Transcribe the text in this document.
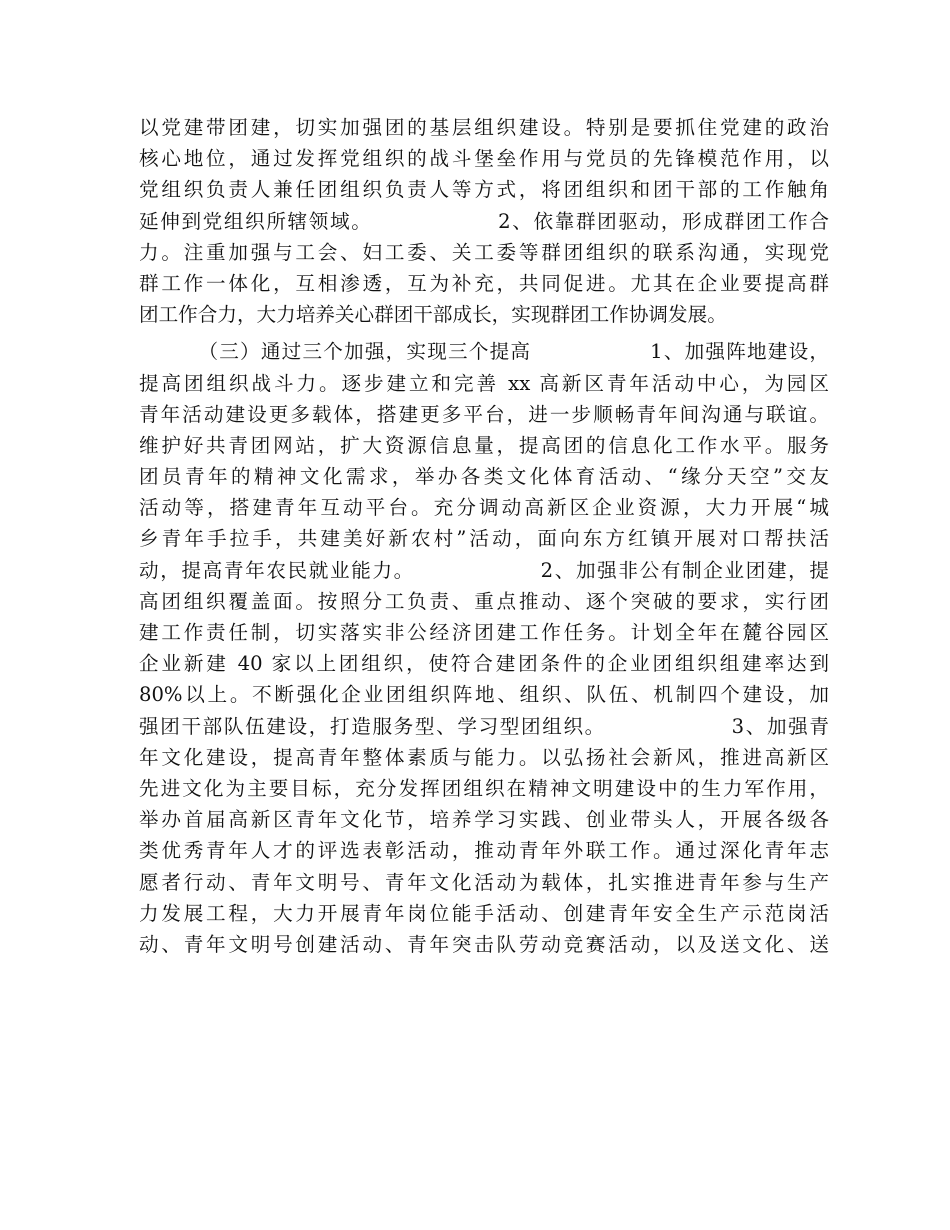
以党建带团建，切实加强团的基层组织建设。特别是要抓住党建的政治
核心地位，通过发挥党组织的战斗堡垒作用与党员的先锋模范作用，以
党组织负责人兼任团组织负责人等方式，将团组织和团干部的工作触角
延伸到党组织所辖领域。                2、依靠群团驱动，形成群团工作合
力。注重加强与工会、妇工委、关工委等群团组织的联系沟通，实现党
群工作一体化，互相渗透，互为补充，共同促进。尤其在企业要提高群
团工作合力，大力培养关心群团干部成长，实现群团工作协调发展。
（三）通过三个加强，实现三个提高                1、加强阵地建设，
提高团组织战斗力。逐步建立和完善 xx 高新区青年活动中心，为园区
青年活动建设更多载体，搭建更多平台，进一步顺畅青年间沟通与联谊。
维护好共青团网站，扩大资源信息量，提高团的信息化工作水平。服务
团员青年的精神文化需求，举办各类文化体育活动、“缘分天空”交友
活动等，搭建青年互动平台。充分调动高新区企业资源，大力开展“城
乡青年手拉手，共建美好新农村”活动，面向东方红镇开展对口帮扶活
动，提高青年农民就业能力。                2、加强非公有制企业团建，提
高团组织覆盖面。按照分工负责、重点推动、逐个突破的要求，实行团
建工作责任制，切实落实非公经济团建工作任务。计划全年在麓谷园区
企业新建 40 家以上团组织，使符合建团条件的企业团组织组建率达到
80%以上。不断强化企业团组织阵地、组织、队伍、机制四个建设，加
强团干部队伍建设，打造服务型、学习型团组织。                3、加强青
年文化建设，提高青年整体素质与能力。以弘扬社会新风，推进高新区
先进文化为主要目标，充分发挥团组织在精神文明建设中的生力军作用，
举办首届高新区青年文化节，培养学习实践、创业带头人，开展各级各
类优秀青年人才的评选表彰活动，推动青年外联工作。通过深化青年志
愿者行动、青年文明号、青年文化活动为载体，扎实推进青年参与生产
力发展工程，大力开展青年岗位能手活动、创建青年安全生产示范岗活
动、青年文明号创建活动、青年突击队劳动竞赛活动，以及送文化、送
